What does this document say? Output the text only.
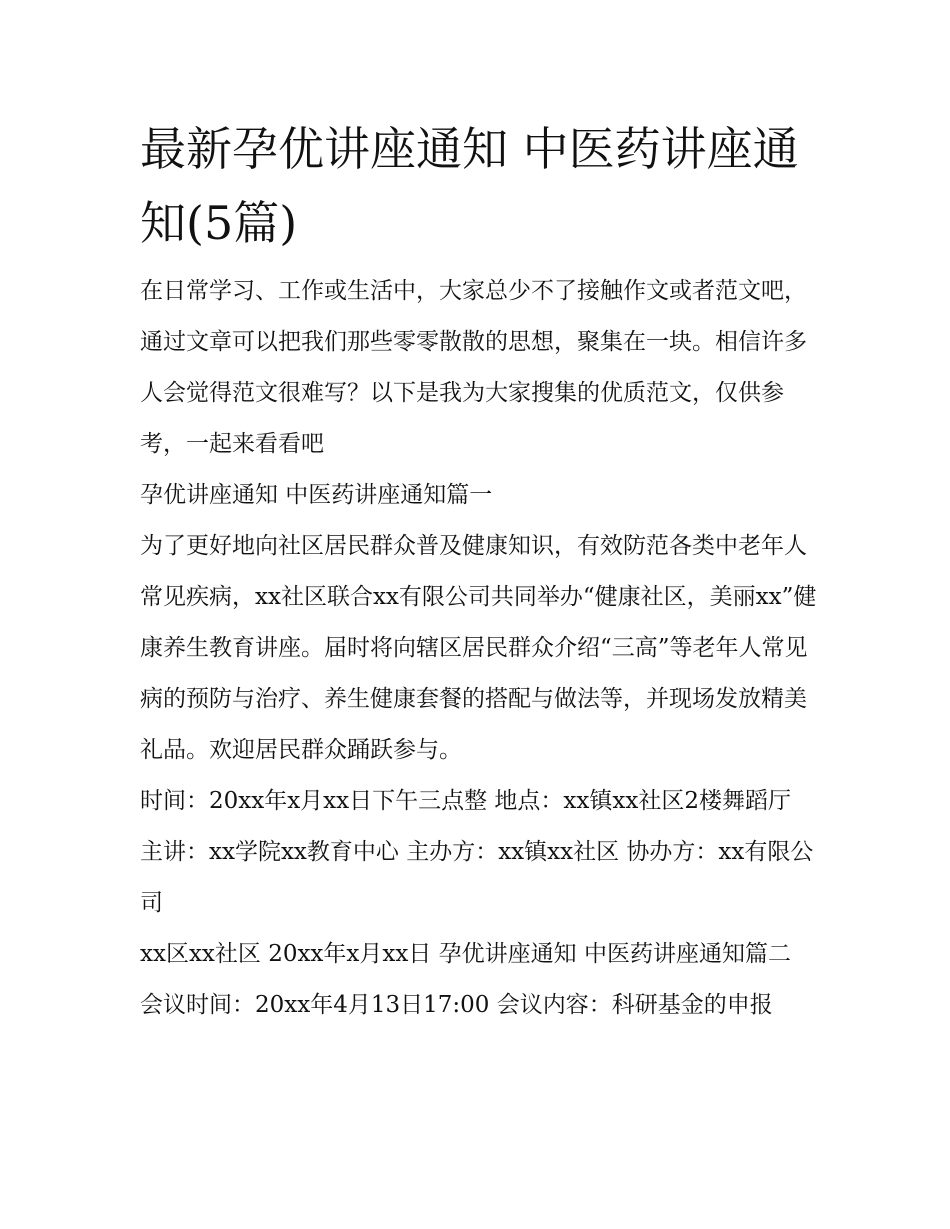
最新孕优讲座通知 中医药讲座通知(5篇)

在日常学习、工作或生活中，大家总少不了接触作文或者范文吧，通过文章可以把我们那些零零散散的思想，聚集在一块。相信许多人会觉得范文很难写？以下是我为大家搜集的优质范文，仅供参考，一起来看看吧

孕优讲座通知 中医药讲座通知篇一

为了更好地向社区居民群众普及健康知识，有效防范各类中老年人常见疾病，xx社区联合xx有限公司共同举办“健康社区，美丽xx”健康养生教育讲座。届时将向辖区居民群众介绍“三高”等老年人常见病的预防与治疗、养生健康套餐的搭配与做法等，并现场发放精美礼品。欢迎居民群众踊跃参与。

时间：20xx年x月xx日下午三点整 地点：xx镇xx社区2楼舞蹈厅 主讲：xx学院xx教育中心 主办方：xx镇xx社区 协办方：xx有限公司

xx区xx社区 20xx年x月xx日 孕优讲座通知 中医药讲座通知篇二 会议时间：20xx年4月13日17:00 会议内容：科研基金的申报
